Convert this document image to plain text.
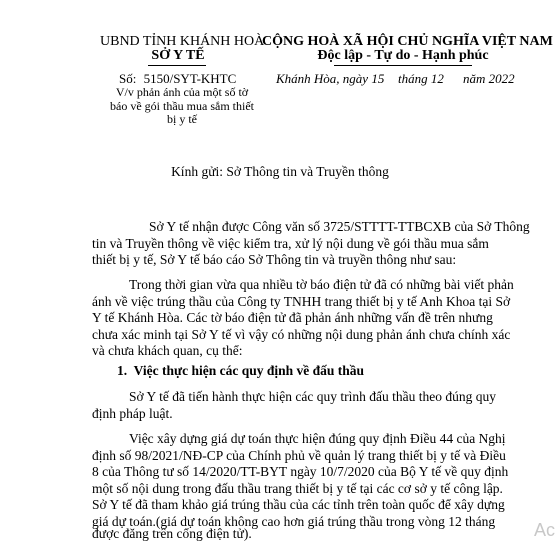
UBND TỈNH KHÁNH HOÀ
SỞ Y TẾ
Số: 5150/SYT-KHTC
V/v phản ánh của một số tờ
báo về gói thầu mua sắm thiết
bị y tế
CỘNG HOÀ XÃ HỘI CHỦ NGHĨA VIỆT NAM
Độc lập - Tự do - Hạnh phúc
Khánh Hòa, ngày 15 tháng 12 năm 2022
Kính gửi: Sở Thông tin và Truyền thông
Sở Y tế nhận được Công văn số 3725/STTTT-TTBCXB của Sở Thông
tin và Truyền thông về việc kiểm tra, xử lý nội dung về gói thầu mua sắm
thiết bị y tế, Sở Y tế báo cáo Sở Thông tin và truyền thông như sau:
Trong thời gian vừa qua nhiều tờ báo điện tử đã có những bài viết phản
ánh về việc trúng thầu của Công ty TNHH trang thiết bị y tế Anh Khoa tại Sở
Y tế Khánh Hòa. Các tờ báo điện tử đã phản ánh những vấn đề trên nhưng
chưa xác minh tại Sở Y tế vì vậy có những nội dung phản ánh chưa chính xác
và chưa khách quan, cụ thể:
1.  Việc thực hiện các quy định về đấu thầu
Sở Y tế đã tiến hành thực hiện các quy trình đấu thầu theo đúng quy
định pháp luật.
Việc xây dựng giá dự toán thực hiện đúng quy định Điều 44 của Nghị
định số 98/2021/NĐ-CP của Chính phủ về quản lý trang thiết bị y tế và Điều
8 của Thông tư số 14/2020/TT-BYT ngày 10/7/2020 của Bộ Y tế về quy định
một số nội dung trong đấu thầu trang thiết bị y tế tại các cơ sở y tế công lập.
Sở Y tế đã tham khảo giá trúng thầu của các tỉnh trên toàn quốc để xây dựng
giá dự toán.(giá dự toán không cao hơn giá trúng thầu trong vòng 12 tháng
được đăng trên cổng điện tử).	Ac
